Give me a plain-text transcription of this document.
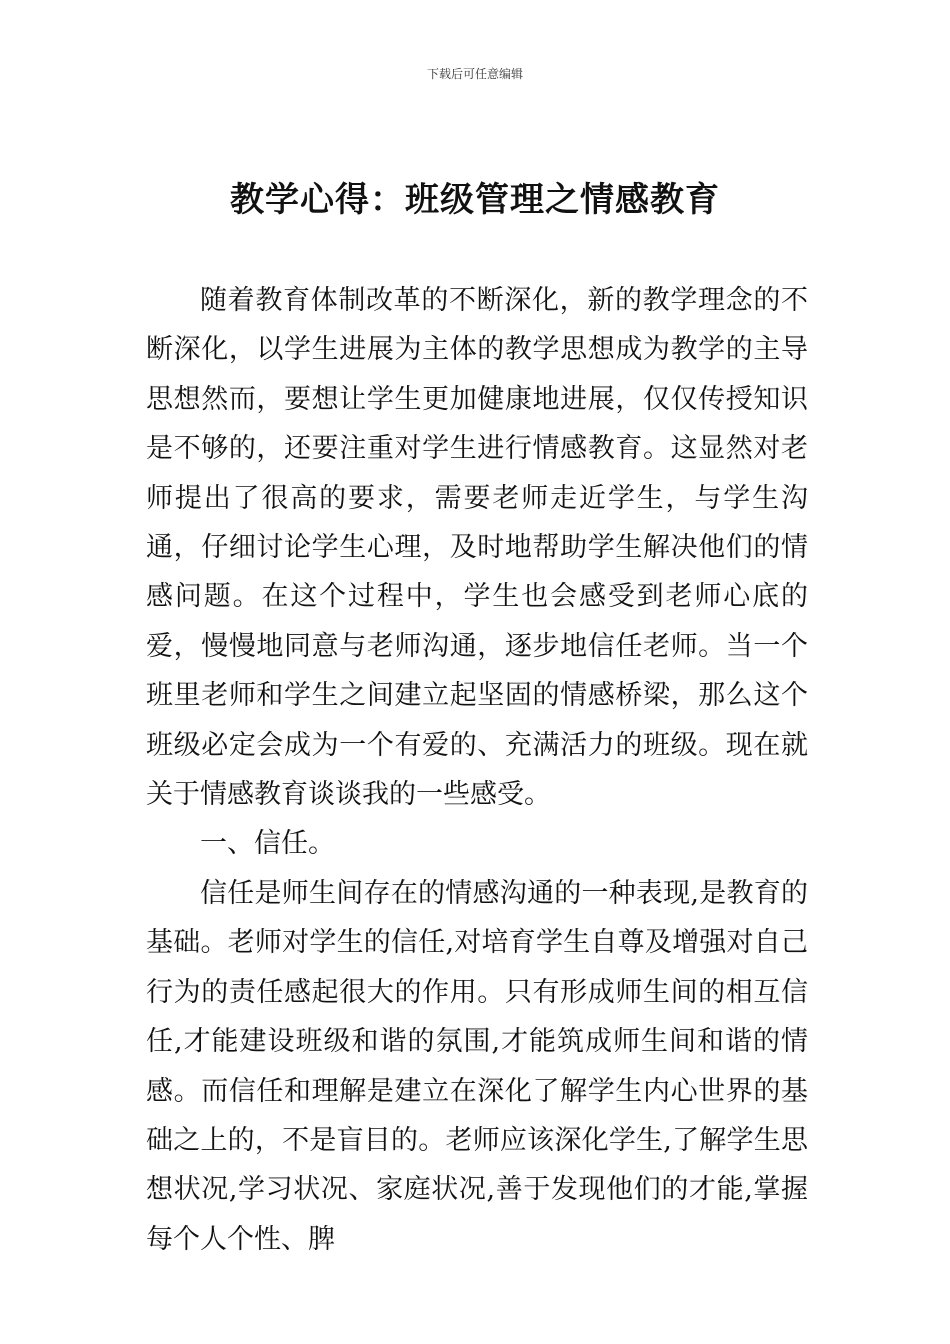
下载后可任意编辑
教学心得：班级管理之情感教育

随着教育体制改革的不断深化，新的教学理念的不断深化，以学生进展为主体的教学思想成为教学的主导思想然而，要想让学生更加健康地进展，仅仅传授知识是不够的，还要注重对学生进行情感教育。这显然对老师提出了很高的要求，需要老师走近学生，与学生沟通，仔细讨论学生心理，及时地帮助学生解决他们的情感问题。在这个过程中，学生也会感受到老师心底的爱，慢慢地同意与老师沟通，逐步地信任老师。当一个班里老师和学生之间建立起坚固的情感桥梁，那么这个班级必定会成为一个有爱的、充满活力的班级。现在就关于情感教育谈谈我的一些感受。

一、信任。

信任是师生间存在的情感沟通的一种表现,是教育的基础。老师对学生的信任,对培育学生自尊及增强对自己行为的责任感起很大的作用。只有形成师生间的相互信任,才能建设班级和谐的氛围,才能筑成师生间和谐的情感。而信任和理解是建立在深化了解学生内心世界的基础之上的，不是盲目的。老师应该深化学生,了解学生思想状况,学习状况、家庭状况,善于发现他们的才能,掌握每个人个性、脾
